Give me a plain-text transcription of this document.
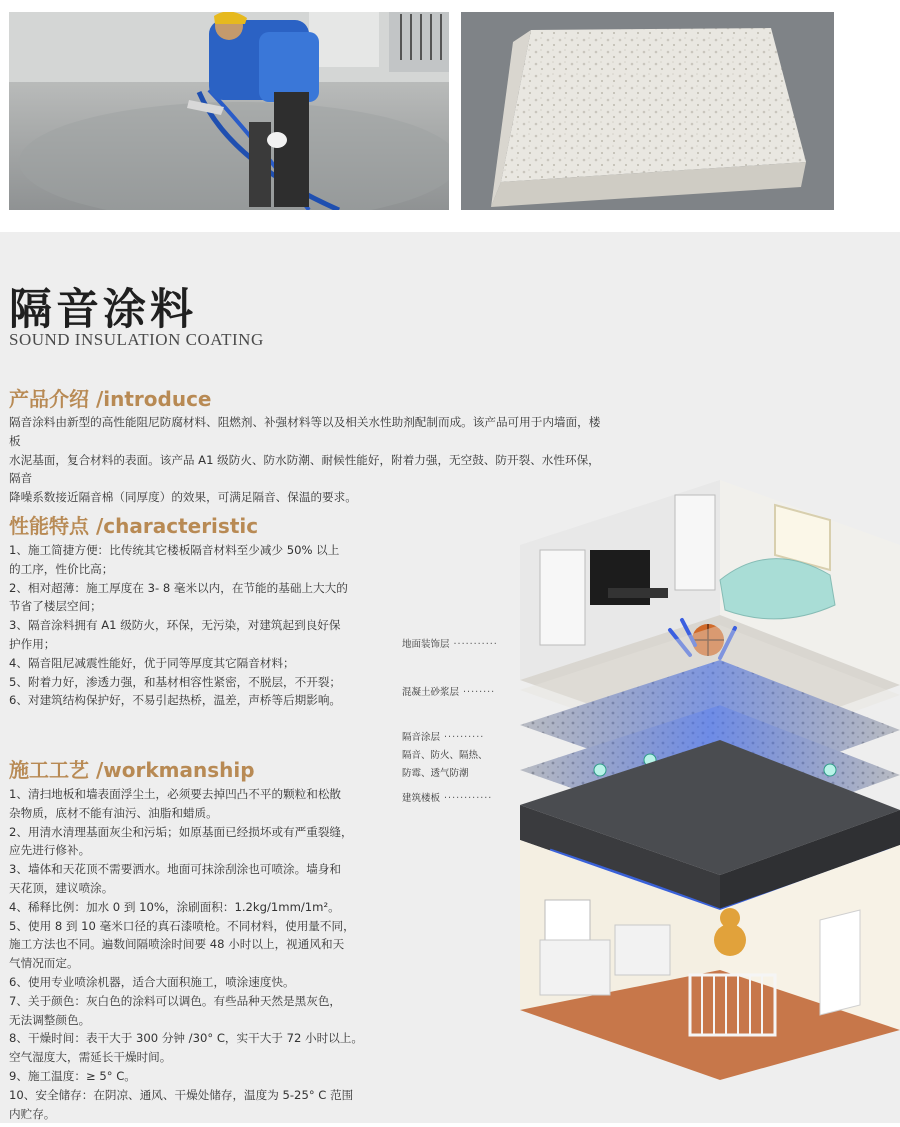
隔音涂料
SOUND INSULATION COATING
产品介绍 /introduce
隔音涂料由新型的高性能阻尼防腐材料、阻燃剂、补强材料等以及相关水性助剂配制而成。该产品可用于内墙面，楼板
水泥基面，复合材料的表面。该产品 A1 级防火、防水防潮、耐候性能好，附着力强，无空鼓、防开裂、水性环保，隔音
降噪系数接近隔音棉（同厚度）的效果，可满足隔音、保温的要求。
性能特点 /characteristic
1、施工简捷方便：比传统其它楼板隔音材料至少减少 50% 以上
的工序，性价比高；
2、相对超薄：施工厚度在 3- 8 毫米以内，在节能的基础上大大的
节省了楼层空间；
3、隔音涂料拥有 A1 级防火，环保，无污染，对建筑起到良好保
护作用；
4、隔音阻尼减震性能好，优于同等厚度其它隔音材料；
5、附着力好，渗透力强，和基材相容性紧密，不脱层，不开裂；
6、对建筑结构保护好，不易引起热桥，温差，声桥等后期影响。
施工工艺 /workmanship
1、清扫地板和墙表面浮尘土，必须要去掉凹凸不平的颗粒和松散
杂物质，底材不能有油污、油脂和蜡质。
2、用清水清理基面灰尘和污垢；如原基面已经损坏或有严重裂缝，
应先进行修补。
3、墙体和天花顶不需要洒水。地面可抹涂刮涂也可喷涂。墙身和
天花顶，建议喷涂。
4、稀释比例：加水 0 到 10%，涂刷面积：1.2kg/1mm/1m²。
5、使用 8 到 10 毫米口径的真石漆喷枪。不同材料，使用量不同，
施工方法也不同。遍数间隔喷涂时间要 48 小时以上，视通风和天
气情况而定。
6、使用专业喷涂机器，适合大面积施工，喷涂速度快。
7、关于颜色：灰白色的涂料可以调色。有些品种天然是黑灰色，
无法调整颜色。
8、干燥时间：表干大于 300 分钟 /30° C，实干大于 72 小时以上。
空气湿度大，需延长干燥时间。
9、施工温度：≥ 5° C。
10、安全储存：在阴凉、通风、干燥处储存，温度为 5-25° C 范围
内贮存。
地面装饰层 ···········
混凝土砂浆层 ········
隔音涂层 ··········
隔音、防火、隔热、
防霉、透气防潮
建筑楼板 ············
